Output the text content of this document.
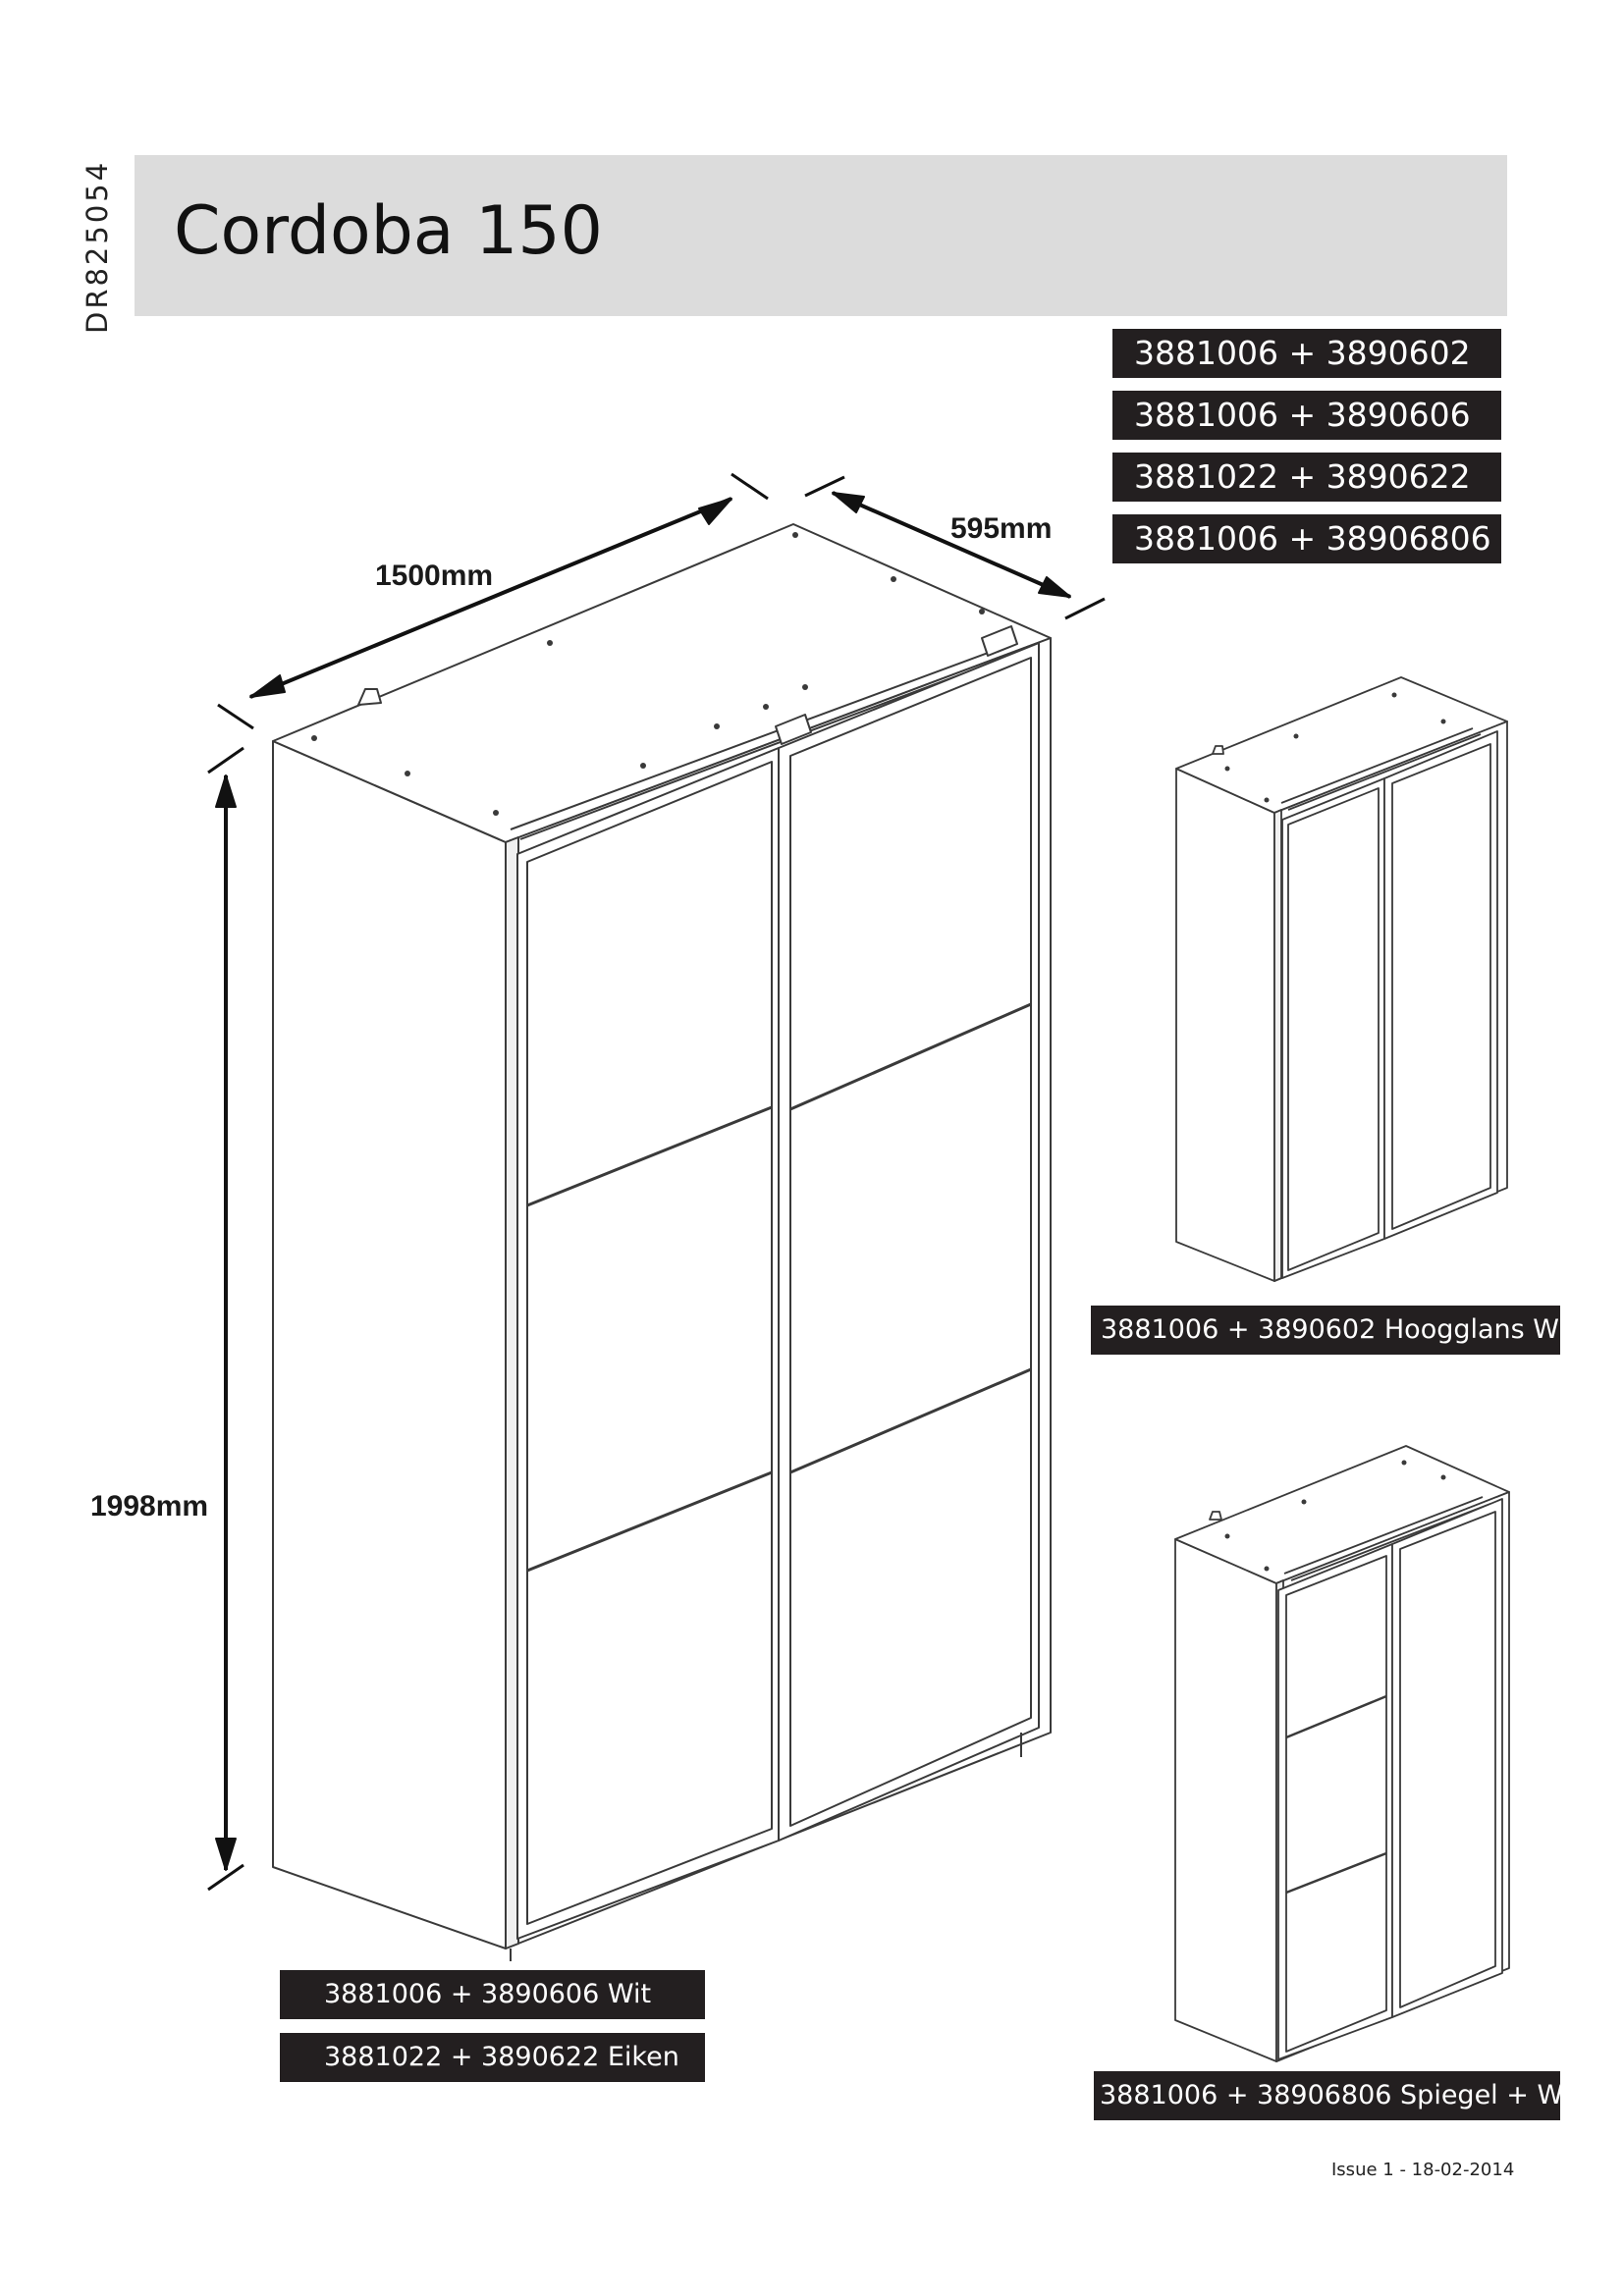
DR825054 Cordoba 150
3881006 + 3890602
3881006 + 3890606
3881022 + 3890622
3881006 + 38906806
1500mm
595mm
1998mm
3881006 + 3890602 Hoogglans Wit
3881006 + 3890606 Wit
3881022 + 3890622 Eiken
3881006 + 38906806 Spiegel + Wit
Issue 1 - 18-02-2014
